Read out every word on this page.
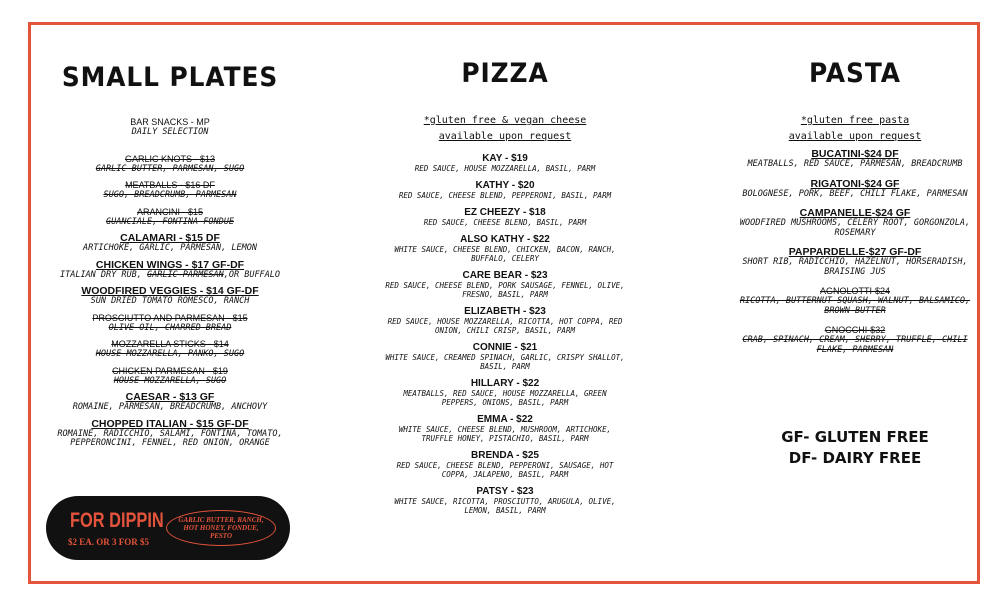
SMALL PLATES
BAR SNACKS - MP
DAILY SELECTION
GARLIC KNOTS - $13
GARLIC BUTTER, PARMESAN, SUGO
MEATBALLS - $16 DF
SUGO, BREADCRUMB, PARMESAN
ARANCINI - $15
GUANCIALE, FONTINA FONDUE
CALAMARI - $15 DF
ARTICHOKE, GARLIC, PARMESAN, LEMON
CHICKEN WINGS - $17 GF-DF
ITALIAN DRY RUB, GARLIC-PARMESAN,OR BUFFALO
WOODFIRED VEGGIES - $14 GF-DF
SUN DRIED TOMATO ROMESCO, RANCH
PROSCIUTTO AND PARMESAN - $15
OLIVE OIL, CHARRED BREAD
MOZZARELLA STICKS - $14
HOUSE MOZZARELLA, PANKO, SUGO
CHICKEN PARMESAN - $19
HOUSE MOZZARELLA, SUGO
CAESAR - $13 GF
ROMAINE, PARMESAN, BREADCRUMB, ANCHOVY
CHOPPED ITALIAN - $15 GF-DF
ROMAINE, RADICCHIO, SALAMI, FONTINA, TOMATO, PEPPERONCINI, FENNEL, RED ONION, ORANGE
FOR DIPPIN
$2 EA. OR 3 FOR $5
GARLIC BUTTER, RANCH, HOT HONEY, FONDUE, PESTO
PIZZA
*gluten free & vegan cheese
available upon request
KAY - $19
RED SAUCE, HOUSE MOZZARELLA, BASIL, PARM
KATHY - $20
RED SAUCE, CHEESE BLEND, PEPPERONI, BASIL, PARM
EZ CHEEZY - $18
RED SAUCE, CHEESE BLEND, BASIL, PARM
ALSO KATHY - $22
WHITE SAUCE, CHEESE BLEND, CHICKEN, BACON, RANCH, BUFFALO, CELERY
CARE BEAR - $23
RED SAUCE, CHEESE BLEND, PORK SAUSAGE, FENNEL, OLIVE, FRESNO, BASIL, PARM
ELIZABETH - $23
RED SAUCE, HOUSE MOZZARELLA, RICOTTA, HOT COPPA, RED ONION, CHILI CRISP, BASIL, PARM
CONNIE - $21
WHITE SAUCE, CREAMED SPINACH, GARLIC, CRISPY SHALLOT, BASIL, PARM
HILLARY - $22
MEATBALLS, RED SAUCE, HOUSE MOZZARELLA, GREEN PEPPERS, ONIONS, BASIL, PARM
EMMA - $22
WHITE SAUCE, CHEESE BLEND, MUSHROOM, ARTICHOKE, TRUFFLE HONEY, PISTACHIO, BASIL, PARM
BRENDA - $25
RED SAUCE, CHEESE BLEND, PEPPERONI, SAUSAGE, HOT COPPA, JALAPENO, BASIL, PARM
PATSY - $23
WHITE SAUCE, RICOTTA, PROSCIUTTO, ARUGULA, OLIVE, LEMON, BASIL, PARM
PASTA
*gluten free pasta
available upon request
BUCATINI-$24 DF
MEATBALLS, RED SAUCE, PARMESAN, BREADCRUMB
RIGATONI-$24 GF
BOLOGNESE, PORK, BEEF, CHILI FLAKE, PARMESAN
CAMPANELLE-$24 GF
WOODFIRED MUSHROOMS, CELERY ROOT, GORGONZOLA, ROSEMARY
PAPPARDELLE-$27 GF-DF
SHORT RIB, RADICCHIO, HAZELNUT, HORSERADISH, BRAISING JUS
AGNOLOTTI-$24
RICOTTA, BUTTERNUT SQUASH, WALNUT, BALSAMICO, BROWN BUTTER
GNOCCHI-$32
CRAB, SPINACH, CREAM, SHERRY, TRUFFLE, CHILI FLAKE, PARMESAN
GF- GLUTEN FREE
DF- DAIRY FREE
